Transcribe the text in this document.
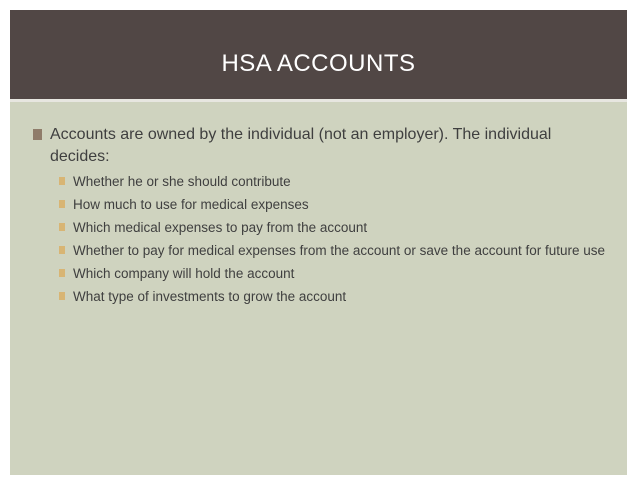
HSA ACCOUNTS
Accounts are owned by the individual (not an employer). The individual decides:
Whether he or she should contribute
How much to use for medical expenses
Which medical expenses to pay from the account
Whether to pay for medical expenses from the account or save the account for future use
Which company will hold the account
What type of investments to grow the account
